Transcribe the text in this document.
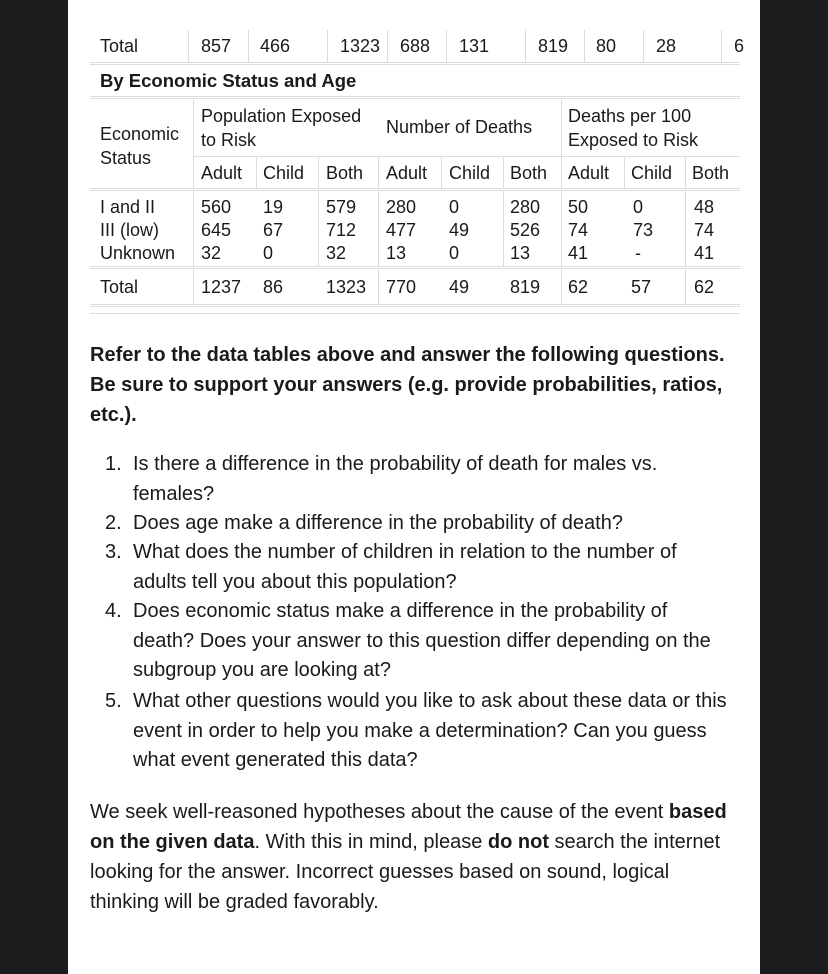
Total	857 466	1323 688 131	819 80 28	6
By Economic Status and Age
Economic Status
Population Exposed to Risk
Number of Deaths
Deaths per 100 Exposed to Risk
Adult Child Both Adult Child Both Adult Child Both
I and II	560 19 579 280 0	280 50 0	48
III (low) 645 67 712 477 49 526 74 73 74
Unknown 32 0	32 13 0	13 41	-	41
Total	1237 86 1323 770 49 819 62 57 62
Refer to the data tables above and answer the following questions. Be sure to support your answers (e.g. provide probabilities, ratios, etc.).
1. Is there a difference in the probability of death for males vs. females?
2. Does age make a difference in the probability of death?
3. What does the number of children in relation to the number of adults tell you about this population?
4. Does economic status make a difference in the probability of death? Does your answer to this question differ depending on the subgroup you are looking at?
5. What other questions would you like to ask about these data or this event in order to help you make a determination? Can you guess what event generated this data?
We seek well-reasoned hypotheses about the cause of the event based on the given data. With this in mind, please do not search the internet looking for the answer. Incorrect guesses based on sound, logical thinking will be graded favorably.
